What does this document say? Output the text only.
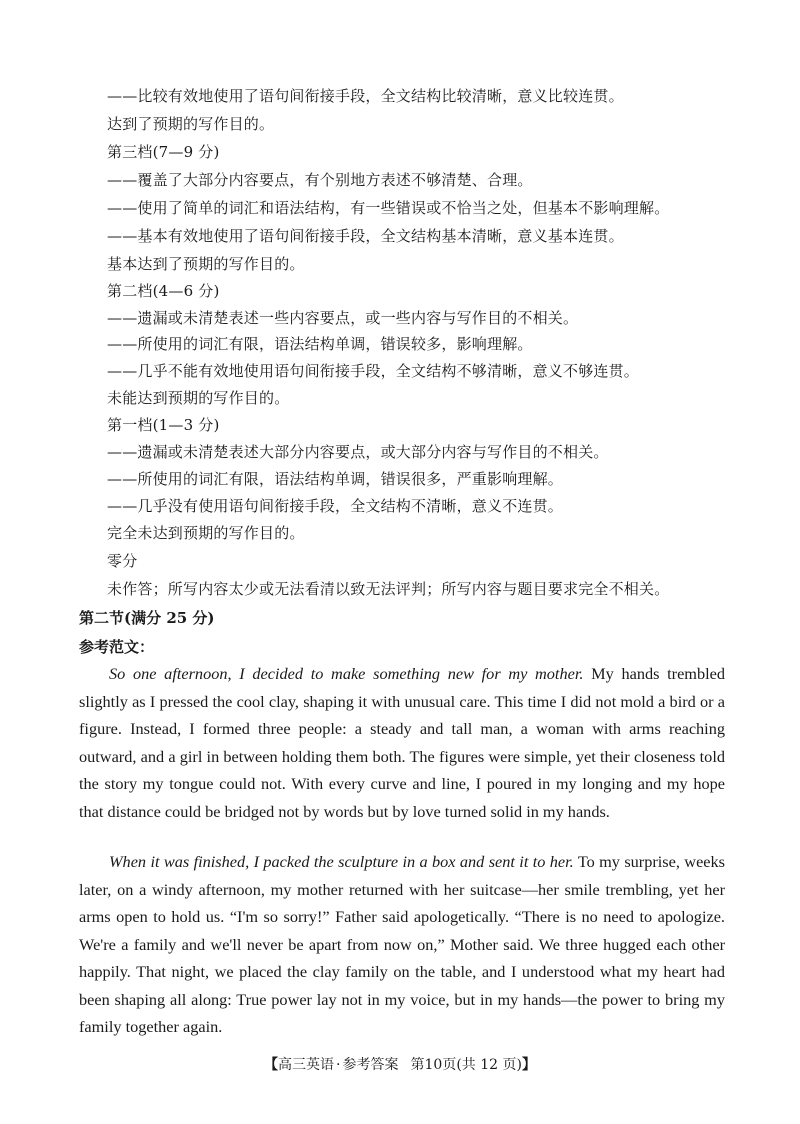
——比较有效地使用了语句间衔接手段，全文结构比较清晰，意义比较连贯。
达到了预期的写作目的。
第三档(7—9 分)
——覆盖了大部分内容要点，有个别地方表述不够清楚、合理。
——使用了简单的词汇和语法结构，有一些错误或不恰当之处，但基本不影响理解。
——基本有效地使用了语句间衔接手段，全文结构基本清晰，意义基本连贯。
基本达到了预期的写作目的。
第二档(4—6 分)
——遗漏或未清楚表述一些内容要点，或一些内容与写作目的不相关。
——所使用的词汇有限，语法结构单调，错误较多，影响理解。
——几乎不能有效地使用语句间衔接手段，全文结构不够清晰，意义不够连贯。
未能达到预期的写作目的。
第一档(1—3 分)
——遗漏或未清楚表述大部分内容要点，或大部分内容与写作目的不相关。
——所使用的词汇有限，语法结构单调，错误很多，严重影响理解。
——几乎没有使用语句间衔接手段，全文结构不清晰，意义不连贯。
完全未达到预期的写作目的。
零分
未作答；所写内容太少或无法看清以致无法评判；所写内容与题目要求完全不相关。
第二节(满分 25 分)
参考范文：

So one afternoon, I decided to make something new for my mother. My hands trembled slightly as I pressed the cool clay, shaping it with unusual care. This time I did not mold a bird or a figure. Instead, I formed three people: a steady and tall man, a woman with arms reaching outward, and a girl in between holding them both. The figures were simple, yet their closeness told the story my tongue could not. With every curve and line, I poured in my longing and my hope that distance could be bridged not by words but by love turned solid in my hands.

When it was finished, I packed the sculpture in a box and sent it to her. To my surprise, weeks later, on a windy afternoon, my mother returned with her suitcase—her smile trembling, yet her arms open to hold us. “I'm so sorry!” Father said apologetically. “There is no need to apologize. We're a family and we'll never be apart from now on,” Mother said. We three hugged each other happily. That night, we placed the clay family on the table, and I understood what my heart had been shaping all along: True power lay not in my voice, but in my hands—the power to bring my family together again.

【高三英语 · 参考答案 第10页(共 12 页)】
